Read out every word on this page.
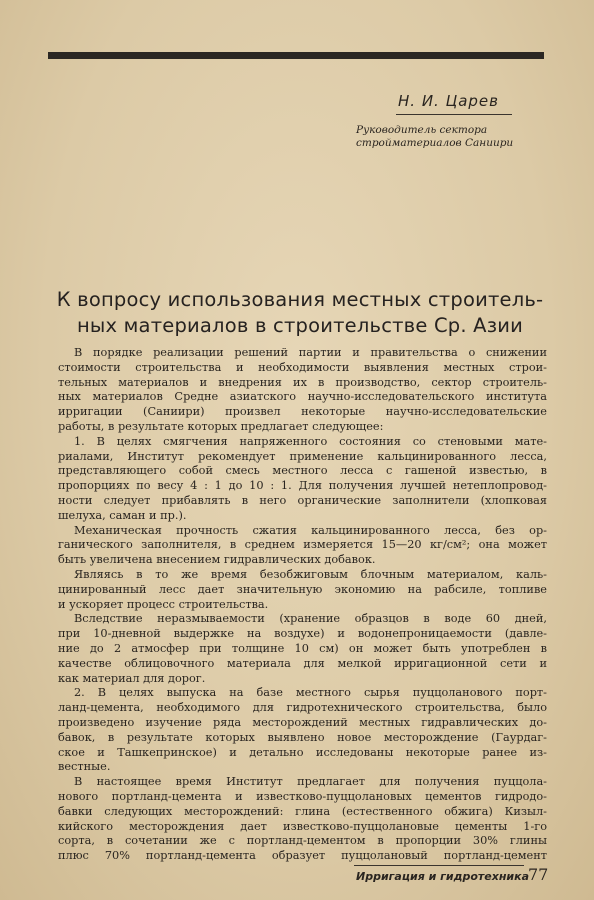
Н. И. Царев
Руководитель сектора
стройматериалов Саниири
К вопросу использования местных строитель-
ных материалов в строительстве Ср. Азии
В порядке реализации решений партии и правительства о снижении
стоимости строительства и необходимости выявления местных строи-
тельных материалов и внедрения их в производство, сектор строитель-
ных материалов Средне азиатского научно-исследовательского института
ирригации (Саниири) произвел некоторые научно-исследовательские
работы, в результате которых предлагает следующее:
1. В целях смягчения напряженного состояния со стеновыми мате-
риалами, Институт рекомендует применение кальцинированного лесса,
представляющего собой смесь местного лесса с гашеной известью, в
пропорциях по весу 4 : 1 до 10 : 1. Для получения лучшей нетеплопровод-
ности следует прибавлять в него органические заполнители (хлопковая
шелуха, саман и пр.).
Механическая прочность сжатия кальцинированного лесса, без ор-
ганического заполнителя, в среднем измеряется 15—20 кг/см²; она может
быть увеличена внесением гидравлических добавок.
Являясь в то же время безобжиговым блочным материалом, каль-
цинированный лесс дает значительную экономию на рабсиле, топливе
и ускоряет процесс строительства.
Вследствие неразмываемости (хранение образцов в воде 60 дней,
при 10-дневной выдержке на воздухе) и водонепроницаемости (давле-
ние до 2 атмосфер при толщине 10 см) он может быть употреблен в
качестве облицовочного материала для мелкой ирригационной сети и
как материал для дорог.
2. В целях выпуска на базе местного сырья пуццоланового порт-
ланд-цемента, необходимого для гидротехнического строительства, было
произведено изучение ряда месторождений местных гидравлических до-
бавок, в результате которых выявлено новое месторождение (Гаурдаг-
ское и Ташкепринское) и детально исследованы некоторые ранее из-
вестные.
В настоящее время Институт предлагает для получения пуццола-
нового портланд-цемента и известково-пуццолановых цементов гидродо-
бавки следующих месторождений: глина (естественного обжига) Кизыл-
кийского месторождения дает известково-пуццолановые цементы 1-го
сорта, в сочетании же с портланд-цементом в пропорции 30% глины
плюс 70% портланд-цемента образует пуццолановый портланд-цемент
Ирригация и гидротехника
77
